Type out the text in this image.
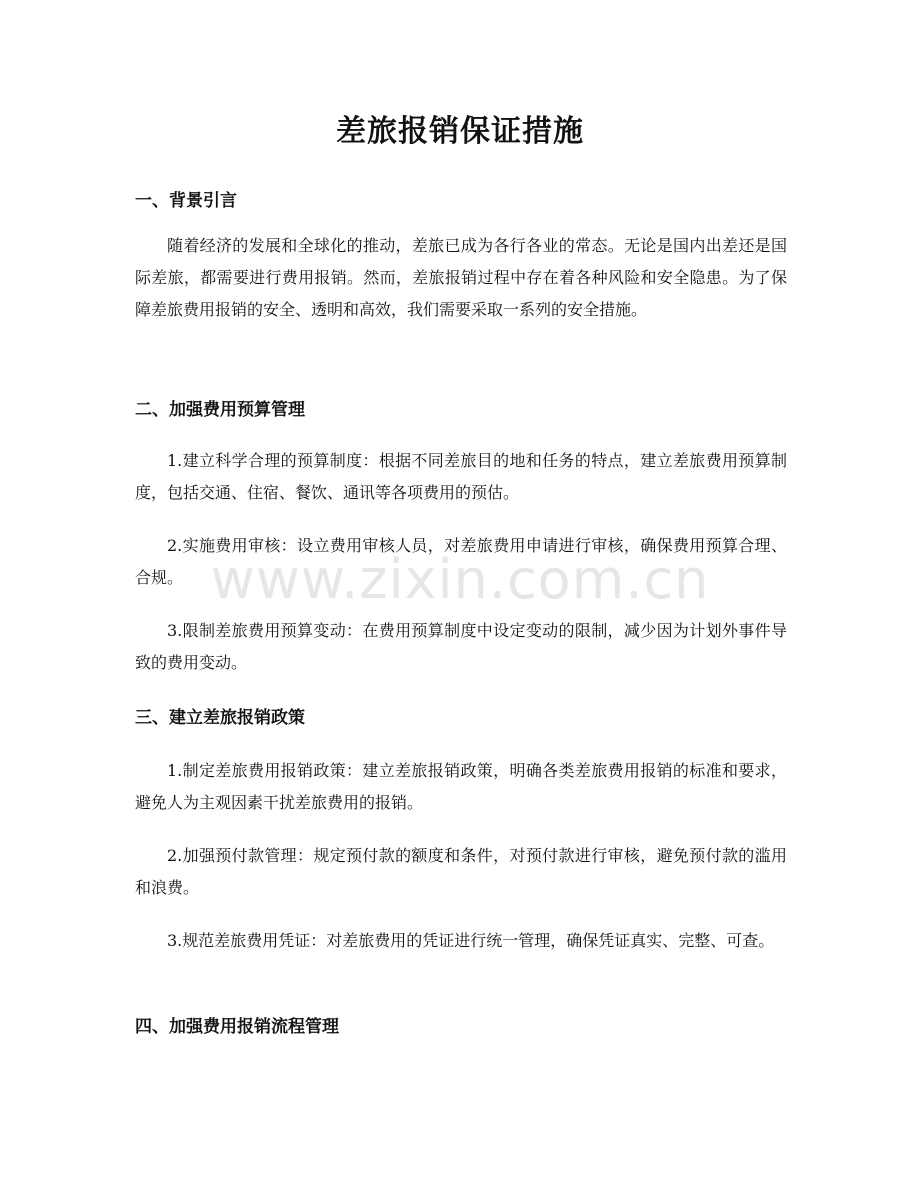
差旅报销保证措施
一、背景引言

随着经济的发展和全球化的推动，差旅已成为各行各业的常态。无论是国内出差还是国际差旅，都需要进行费用报销。然而，差旅报销过程中存在着各种风险和安全隐患。为了保障差旅费用报销的安全、透明和高效，我们需要采取一系列的安全措施。

二、加强费用预算管理

1.建立科学合理的预算制度：根据不同差旅目的地和任务的特点，建立差旅费用预算制度，包括交通、住宿、餐饮、通讯等各项费用的预估。

2.实施费用审核：设立费用审核人员，对差旅费用申请进行审核，确保费用预算合理、合规。

3.限制差旅费用预算变动：在费用预算制度中设定变动的限制，减少因为计划外事件导致的费用变动。

三、建立差旅报销政策

1.制定差旅费用报销政策：建立差旅报销政策，明确各类差旅费用报销的标准和要求，避免人为主观因素干扰差旅费用的报销。

2.加强预付款管理：规定预付款的额度和条件，对预付款进行审核，避免预付款的滥用和浪费。

3.规范差旅费用凭证：对差旅费用的凭证进行统一管理，确保凭证真实、完整、可查。

四、加强费用报销流程管理
www.zixin.com.cn
